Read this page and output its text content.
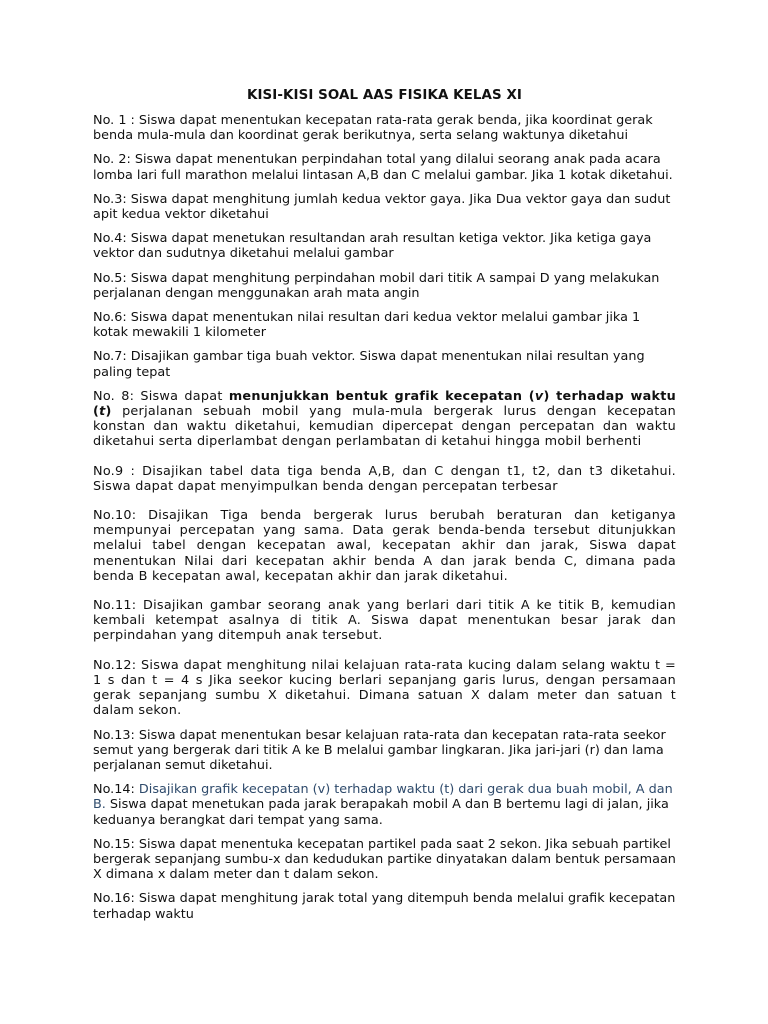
KISI-KISI SOAL AAS FISIKA KELAS XI

No. 1 : Siswa dapat menentukan kecepatan rata-rata gerak benda, jika koordinat gerak benda mula-mula dan koordinat gerak berikutnya, serta selang waktunya diketahui

No. 2: Siswa dapat menentukan perpindahan total yang dilalui seorang anak pada acara lomba lari full marathon melalui lintasan A,B dan C melalui gambar. Jika 1 kotak diketahui.

No.3: Siswa dapat menghitung jumlah kedua vektor gaya. Jika Dua vektor gaya dan sudut apit kedua vektor diketahui

No.4: Siswa dapat menetukan resultandan arah resultan ketiga vektor. Jika ketiga gaya vektor dan sudutnya diketahui melalui gambar

No.5: Siswa dapat menghitung perpindahan mobil dari titik A sampai D yang melakukan perjalanan dengan menggunakan arah mata angin

No.6: Siswa dapat menentukan nilai resultan dari kedua vektor melalui gambar jika 1 kotak mewakili 1 kilometer

No.7: Disajikan gambar tiga buah vektor. Siswa dapat menentukan nilai resultan yang paling tepat

No. 8: Siswa dapat menunjukkan bentuk grafik kecepatan (v) terhadap waktu (t) perjalanan sebuah mobil yang mula-mula bergerak lurus dengan kecepatan konstan dan waktu diketahui, kemudian dipercepat dengan percepatan dan waktu diketahui serta diperlambat dengan perlambatan di ketahui hingga mobil berhenti

No.9 : Disajikan tabel data tiga benda A,B, dan C dengan t1, t2, dan t3 diketahui. Siswa dapat dapat menyimpulkan benda dengan percepatan terbesar

No.10: Disajikan Tiga benda bergerak lurus berubah beraturan dan ketiganya mempunyai percepatan yang sama. Data gerak benda-benda tersebut ditunjukkan melalui tabel dengan kecepatan awal, kecepatan akhir dan jarak, Siswa dapat menentukan Nilai dari kecepatan akhir benda A dan jarak benda C, dimana pada benda B kecepatan awal, kecepatan akhir dan jarak diketahui.

No.11: Disajikan gambar seorang anak yang berlari dari titik A ke titik B, kemudian kembali ketempat asalnya di titik A. Siswa dapat menentukan besar jarak dan perpindahan yang ditempuh anak tersebut.

No.12: Siswa dapat menghitung nilai kelajuan rata-rata kucing dalam selang waktu t = 1 s dan t = 4 s Jika seekor kucing berlari sepanjang garis lurus, dengan persamaan gerak sepanjang sumbu X diketahui. Dimana satuan X dalam meter dan satuan t dalam sekon.

No.13: Siswa dapat menentukan besar kelajuan rata-rata dan kecepatan rata-rata seekor semut yang bergerak dari titik A ke B melalui gambar lingkaran. Jika jari-jari (r) dan lama perjalanan semut diketahui.

No.14: Disajikan grafik kecepatan (v) terhadap waktu (t) dari gerak dua buah mobil, A dan B. Siswa dapat menetukan pada jarak berapakah mobil A dan B bertemu lagi di jalan, jika keduanya berangkat dari tempat yang sama.

No.15: Siswa dapat menentuka kecepatan partikel pada saat 2 sekon. Jika sebuah partikel bergerak sepanjang sumbu-x dan kedudukan partike dinyatakan dalam bentuk persamaan X dimana x dalam meter dan t dalam sekon.

No.16: Siswa dapat menghitung jarak total yang ditempuh benda melalui grafik kecepatan terhadap waktu
